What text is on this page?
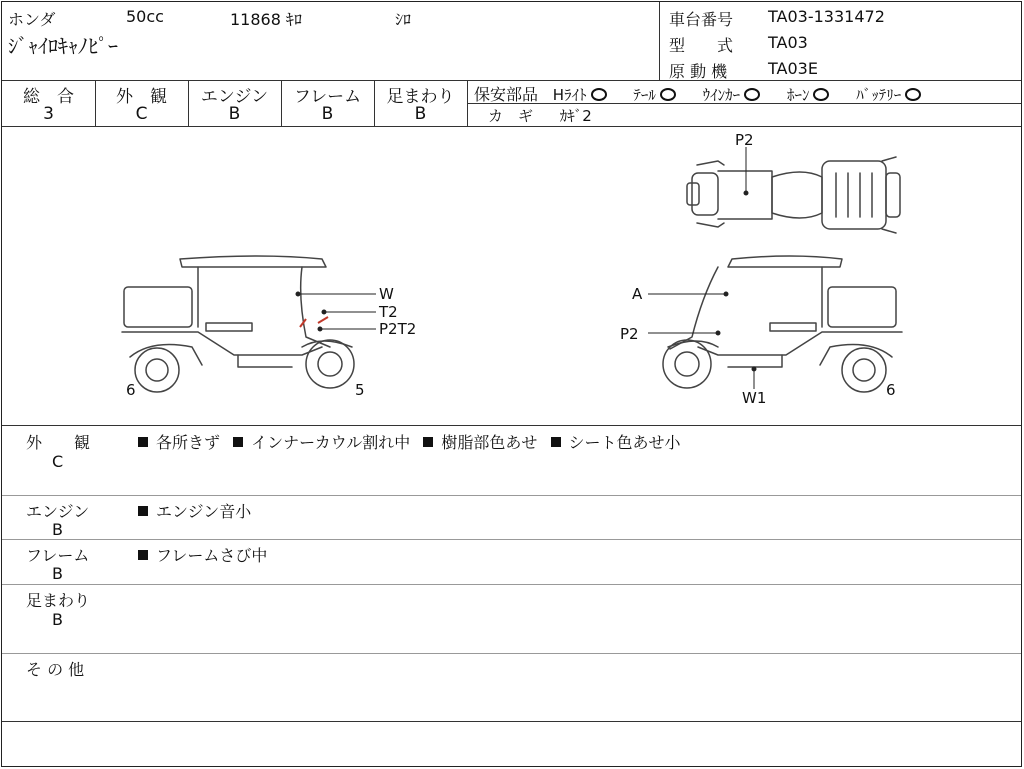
ホンダ	50cc	11868 ｷﾛ	ｼﾛ
ｼﾞｬｲﾛｷｬﾉﾋﾟｰ
車台番号 TA03-1331472
型　　式 TA03
原 動 機	TA03E
総　合
3
外　観
C
エンジン
B
フレーム
B
足まわり
B
保安部品 Hﾗｲﾄ	ﾃｰﾙ	ｳｲﾝｶｰ	ﾎｰﾝ	ﾊﾞｯﾃﾘｰ
カ　ギ ｶｷﾞ2
P2
W
T2
P2T2
6	5
A
P2
W1	6
外　　観
C
各所きず インナーカウル割れ中 樹脂部色あせ シート色あせ小
エンジン
B
エンジン音小
フレーム
B
フレームさび中
足まわり
B
そ の 他
